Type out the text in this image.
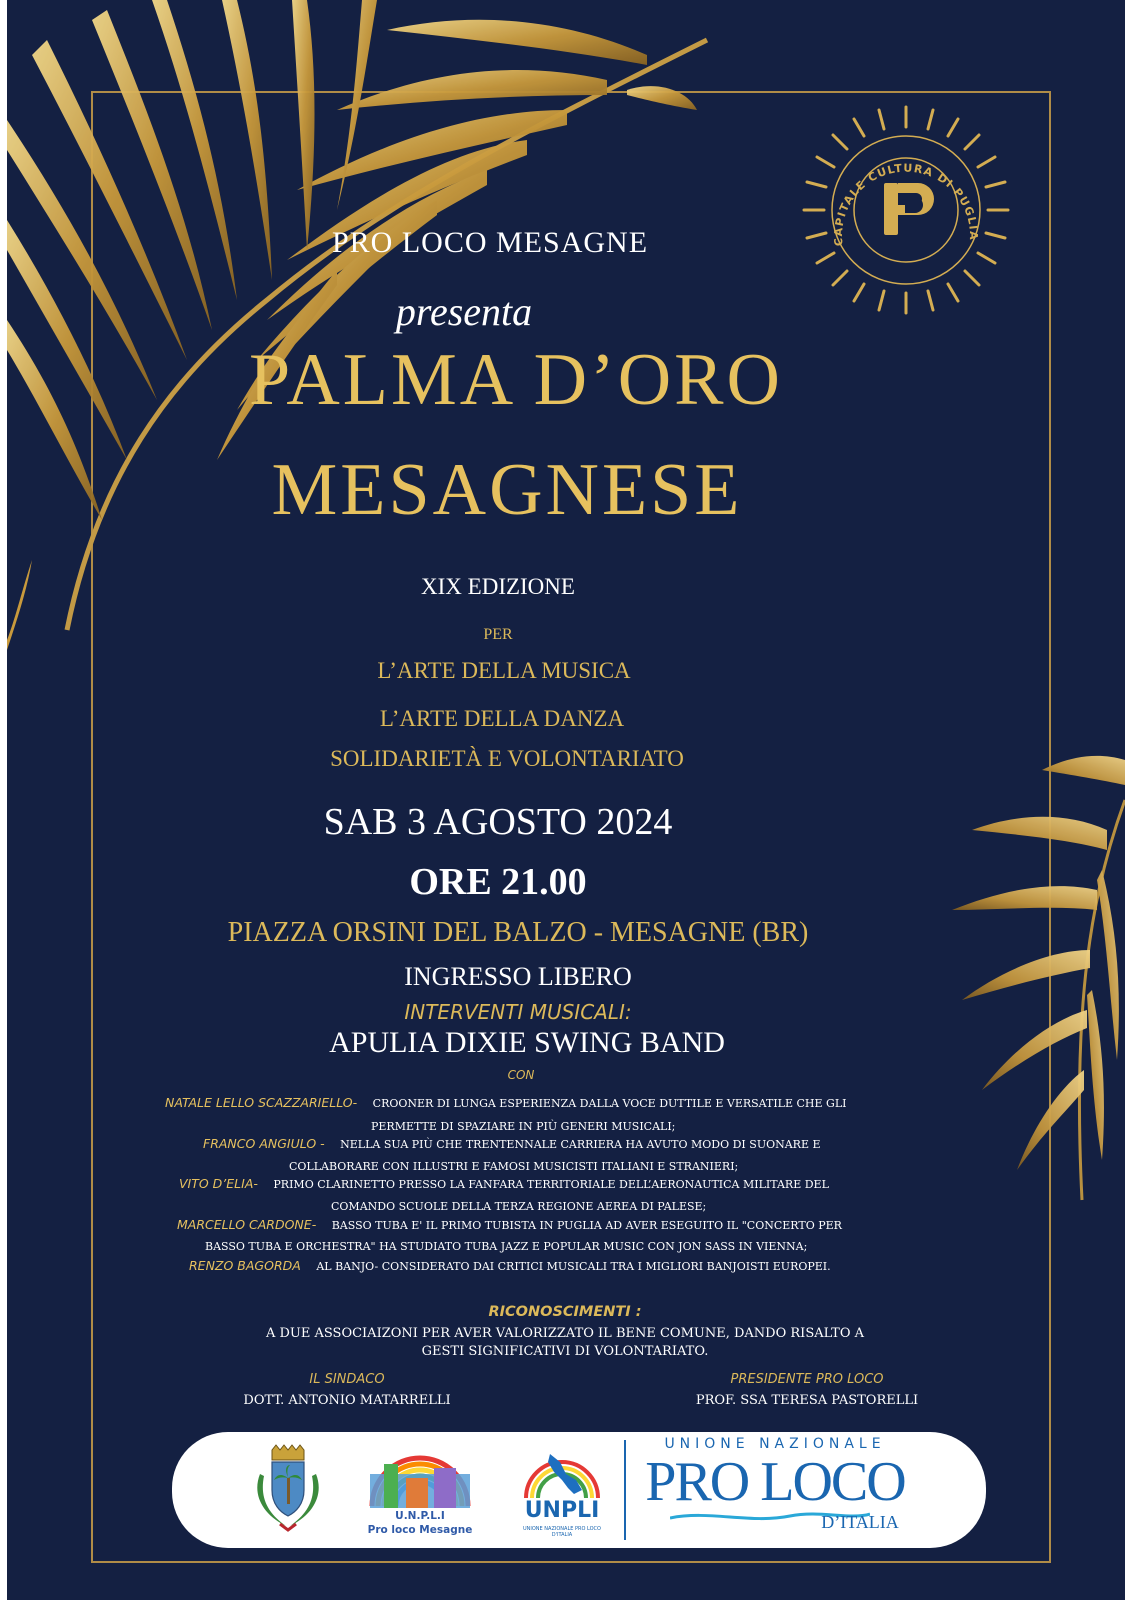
CAPITALE CULTURA DI PUGLIA
PRO LOCO MESAGNE
presenta
PALMA D’ORO
MESAGNESE
XIX EDIZIONE
PER
L’ARTE DELLA MUSICA
L’ARTE DELLA DANZA
SOLIDARIETÀ E VOLONTARIATO
SAB 3 AGOSTO 2024
ORE 21.00
PIAZZA ORSINI DEL BALZO - MESAGNE (BR)
INGRESSO LIBERO
INTERVENTI MUSICALI:
APULIA DIXIE SWING BAND
CON
NATALE LELLO SCAZZARIELLO- CROONER DI LUNGA ESPERIENZA DALLA VOCE DUTTILE E VERSATILE CHE GLI
PERMETTE DI SPAZIARE IN PIÙ GENERI MUSICALI;
FRANCO ANGIULO - NELLA SUA PIÙ CHE TRENTENNALE CARRIERA HA AVUTO MODO DI SUONARE E
COLLABORARE CON ILLUSTRI E FAMOSI MUSICISTI ITALIANI E STRANIERI;
VITO D’ELIA- PRIMO CLARINETTO PRESSO LA FANFARA TERRITORIALE DELL’AERONAUTICA MILITARE DEL
COMANDO SCUOLE DELLA TERZA REGIONE AEREA DI PALESE;
MARCELLO CARDONE- BASSO TUBA E' IL PRIMO TUBISTA IN PUGLIA AD AVER ESEGUITO IL "CONCERTO PER
BASSO TUBA E ORCHESTRA" HA STUDIATO TUBA JAZZ E POPULAR MUSIC CON JON SASS IN VIENNA;
RENZO BAGORDA AL BANJO- CONSIDERATO DAI CRITICI MUSICALI TRA I MIGLIORI BANJOISTI EUROPEI.
RICONOSCIMENTI :
A DUE ASSOCIAIZONI PER AVER VALORIZZATO IL BENE COMUNE, DANDO RISALTO A
GESTI SIGNIFICATIVI DI VOLONTARIATO.
IL SINDACO
DOTT. ANTONIO MATARRELLI
PRESIDENTE PRO LOCO
PROF. SSA TERESA PASTORELLI
U.N.P.L.I
Pro loco Mesagne
UNPLI
UNIONE NAZIONALE PRO LOCO D'ITALIA
UNIONE NAZIONALE
PRO LOCO
D’ITALIA
